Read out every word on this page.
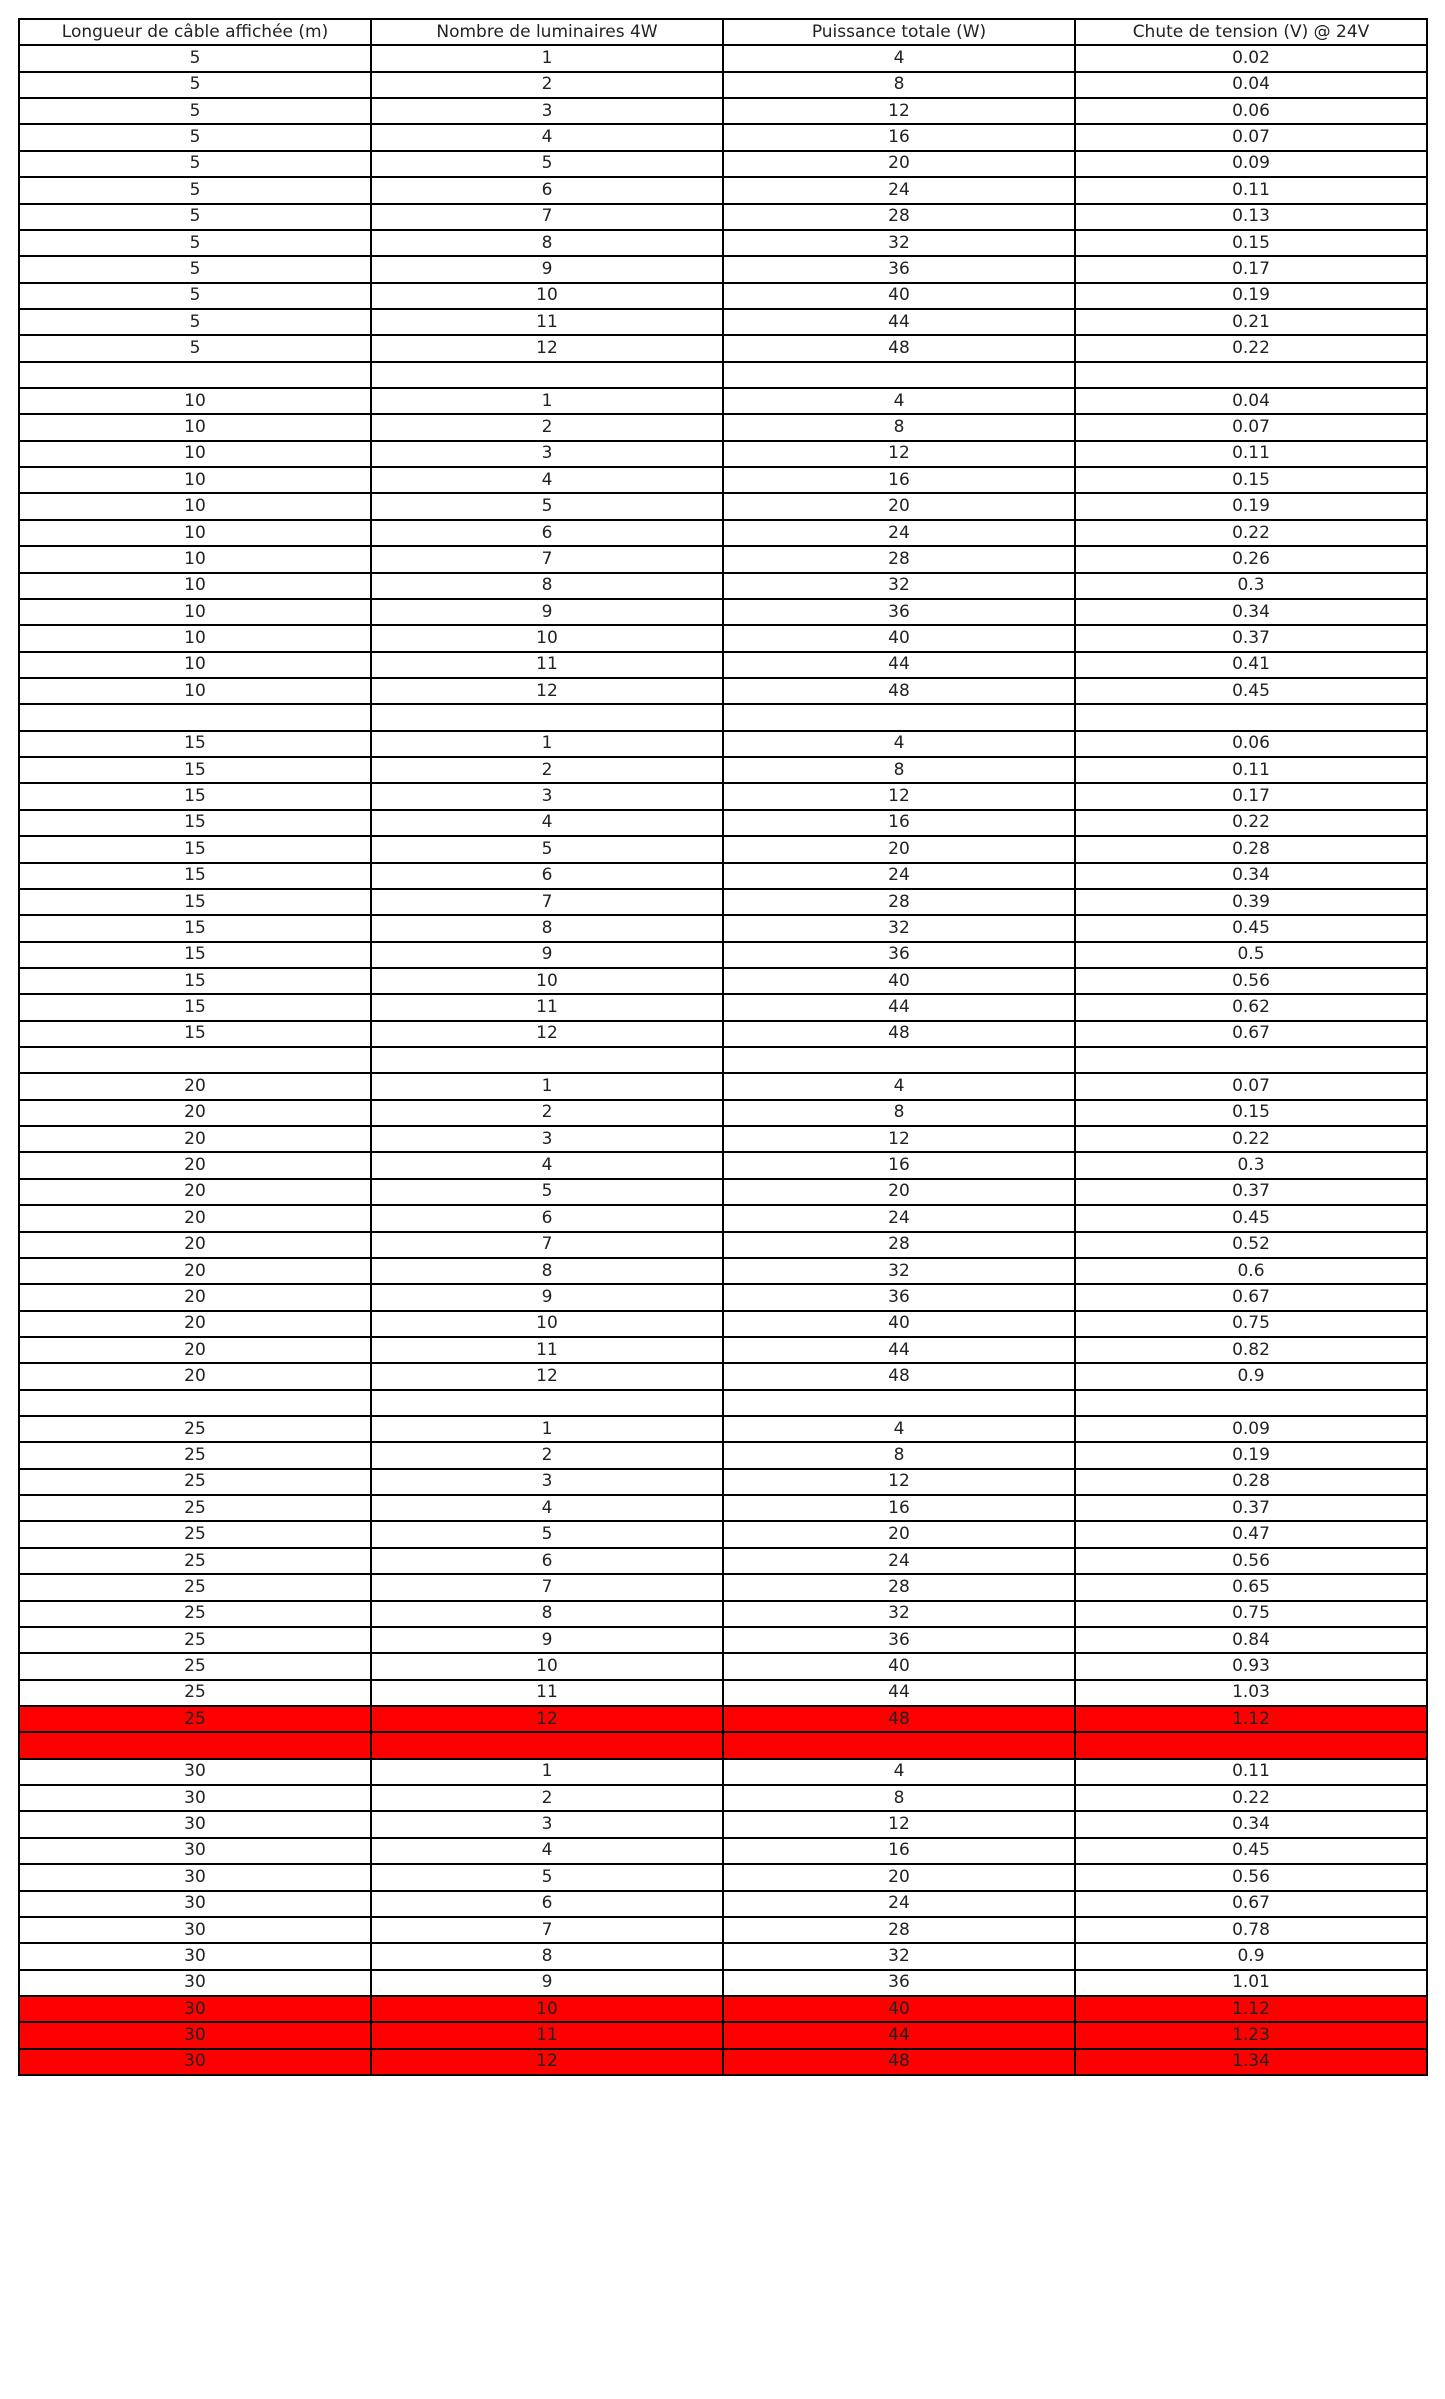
Longueur de câble affichée (m)	Nombre de luminaires 4W	Puissance totale (W)	Chute de tension (V) @ 24V
5	1	4	0.02
5	2	8	0.04
5	3	12	0.06
5	4	16	0.07
5	5	20	0.09
5	6	24	0.11
5	7	28	0.13
5	8	32	0.15
5	9	36	0.17
5	10	40	0.19
5	11	44	0.21
5	12	48	0.22

10	1	4	0.04
10	2	8	0.07
10	3	12	0.11
10	4	16	0.15
10	5	20	0.19
10	6	24	0.22
10	7	28	0.26
10	8	32	0.3
10	9	36	0.34
10	10	40	0.37
10	11	44	0.41
10	12	48	0.45

15	1	4	0.06
15	2	8	0.11
15	3	12	0.17
15	4	16	0.22
15	5	20	0.28
15	6	24	0.34
15	7	28	0.39
15	8	32	0.45
15	9	36	0.5
15	10	40	0.56
15	11	44	0.62
15	12	48	0.67

20	1	4	0.07
20	2	8	0.15
20	3	12	0.22
20	4	16	0.3
20	5	20	0.37
20	6	24	0.45
20	7	28	0.52
20	8	32	0.6
20	9	36	0.67
20	10	40	0.75
20	11	44	0.82
20	12	48	0.9

25	1	4	0.09
25	2	8	0.19
25	3	12	0.28
25	4	16	0.37
25	5	20	0.47
25	6	24	0.56
25	7	28	0.65
25	8	32	0.75
25	9	36	0.84
25	10	40	0.93
25	11	44	1.03
25	12	48	1.12

30	1	4	0.11
30	2	8	0.22
30	3	12	0.34
30	4	16	0.45
30	5	20	0.56
30	6	24	0.67
30	7	28	0.78
30	8	32	0.9
30	9	36	1.01
30	10	40	1.12
30	11	44	1.23
30	12	48	1.34
